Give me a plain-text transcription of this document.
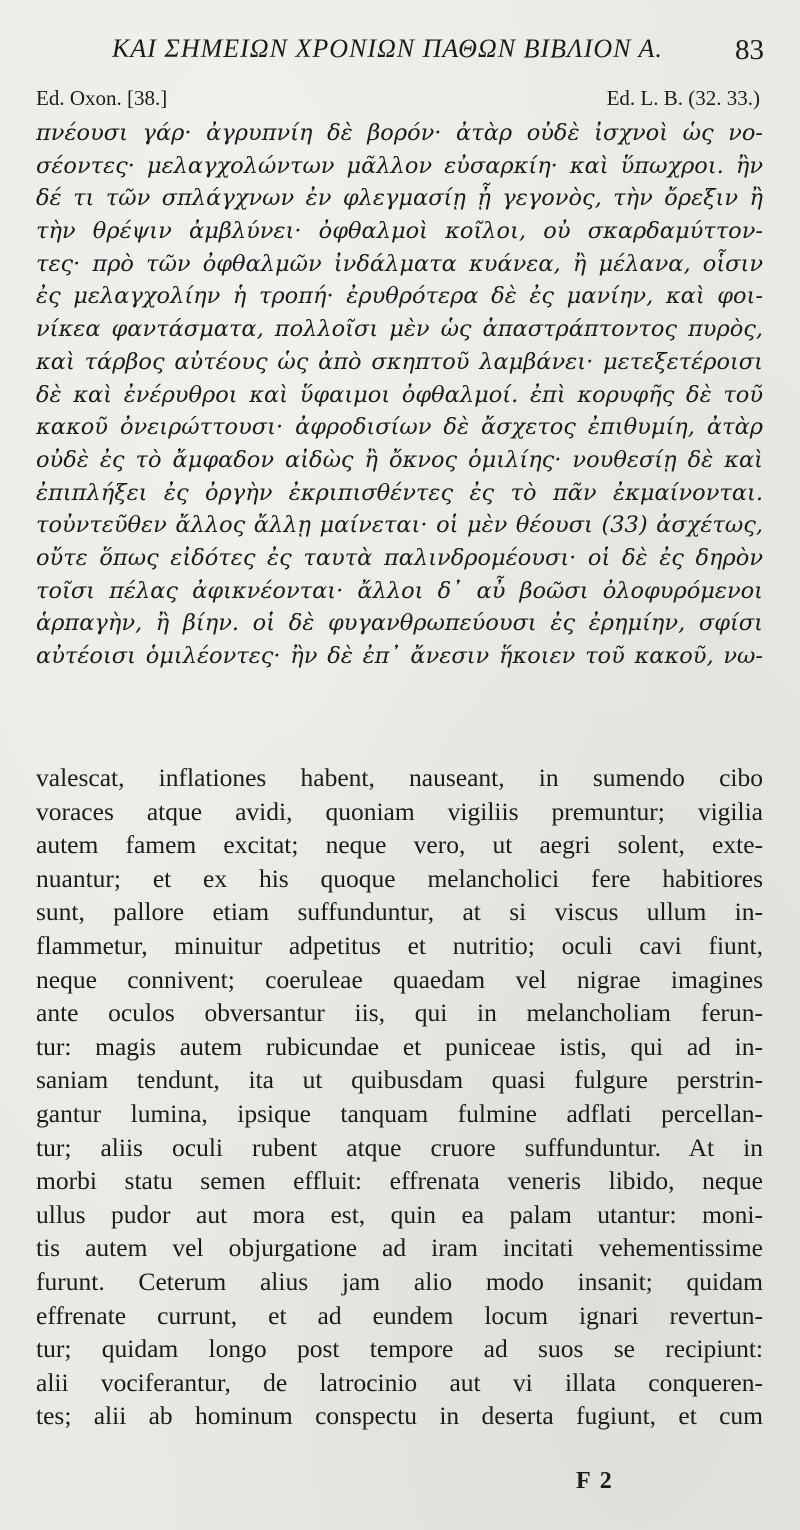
ΚΑΙ ΣΗΜΕΙΩΝ ΧΡΟΝΙΩΝ ΠΑΘΩΝ ΒΙΒΛΙΟΝ Α. 83
Ed. Oxon. [38.]	Ed. L. B. (32. 33.)
πνέουσι γάρ· ἀγρυπνίη δὲ βορόν· ἀτὰρ οὐδὲ ἰσχνοὶ ὡς νο-
σέοντες· μελαγχολώντων μᾶλλον εὐσαρκίη· καὶ ὕπωχροι. ἢν
δέ τι τῶν σπλάγχνων ἐν φλεγμασίῃ ᾖ γεγονὸς, τὴν ὄρεξιν ἢ
τὴν θρέψιν ἀμβλύνει· ὀφθαλμοὶ κοῖλοι, οὐ σκαρδαμύττον-
τες· πρὸ τῶν ὀφθαλμῶν ἰνδάλματα κυάνεα, ἢ μέλανα, οἷσιν
ἐς μελαγχολίην ἡ τροπή· ἐρυθρότερα δὲ ἐς μανίην, καὶ φοι-
νίκεα φαντάσματα, πολλοῖσι μὲν ὡς ἀπαστράπτοντος πυρὸς,
καὶ τάρβος αὐτέους ὡς ἀπὸ σκηπτοῦ λαμβάνει· μετεξετέροισι
δὲ καὶ ἐνέρυθροι καὶ ὕφαιμοι ὀφθαλμοί. ἐπὶ κορυφῆς δὲ τοῦ
κακοῦ ὀνειρώττουσι· ἀφροδισίων δὲ ἄσχετος ἐπιθυμίη, ἀτὰρ
οὐδὲ ἐς τὸ ἄμφαδον αἰδὼς ἢ ὄκνος ὁμιλίης· νουθεσίῃ δὲ καὶ
ἐπιπλήξει ἐς ὀργὴν ἐκριπισθέντες ἐς τὸ πᾶν ἐκμαίνονται.
τοὐντεῦθεν ἄλλος ἄλλῃ μαίνεται· οἱ μὲν θέουσι (33) ἀσχέτως,
οὔτε ὅπως εἰδότες ἐς ταυτὰ παλινδρομέουσι· οἱ δὲ ἐς δηρὸν
τοῖσι πέλας ἀφικνέονται· ἄλλοι δ᾽ αὖ βοῶσι ὀλοφυρόμενοι
ἁρπαγὴν, ἢ βίην. οἱ δὲ φυγανθρωπεύουσι ἐς ἐρημίην, σφίσι
αὐτέοισι ὁμιλέοντες· ἢν δὲ ἐπ᾽ ἄνεσιν ἥκοιεν τοῦ κακοῦ, νω-
valescat, inflationes habent, nauseant, in sumendo cibo
voraces atque avidi, quoniam vigiliis premuntur; vigilia
autem famem excitat; neque vero, ut aegri solent, exte-
nuantur; et ex his quoque melancholici fere habitiores
sunt, pallore etiam suffunduntur, at si viscus ullum in-
flammetur, minuitur adpetitus et nutritio; oculi cavi fiunt,
neque connivent; coeruleae quaedam vel nigrae imagines
ante oculos obversantur iis, qui in melancholiam ferun-
tur: magis autem rubicundae et puniceae istis, qui ad in-
saniam tendunt, ita ut quibusdam quasi fulgure perstrin-
gantur lumina, ipsique tanquam fulmine adflati percellan-
tur; aliis oculi rubent atque cruore suffunduntur. At in
morbi statu semen effluit: effrenata veneris libido, neque
ullus pudor aut mora est, quin ea palam utantur: moni-
tis autem vel objurgatione ad iram incitati vehementissime
furunt. Ceterum alius jam alio modo insanit; quidam
effrenate currunt, et ad eundem locum ignari revertun-
tur; quidam longo post tempore ad suos se recipiunt:
alii vociferantur, de latrocinio aut vi illata conqueren-
tes; alii ab hominum conspectu in deserta fugiunt, et cum
F 2
